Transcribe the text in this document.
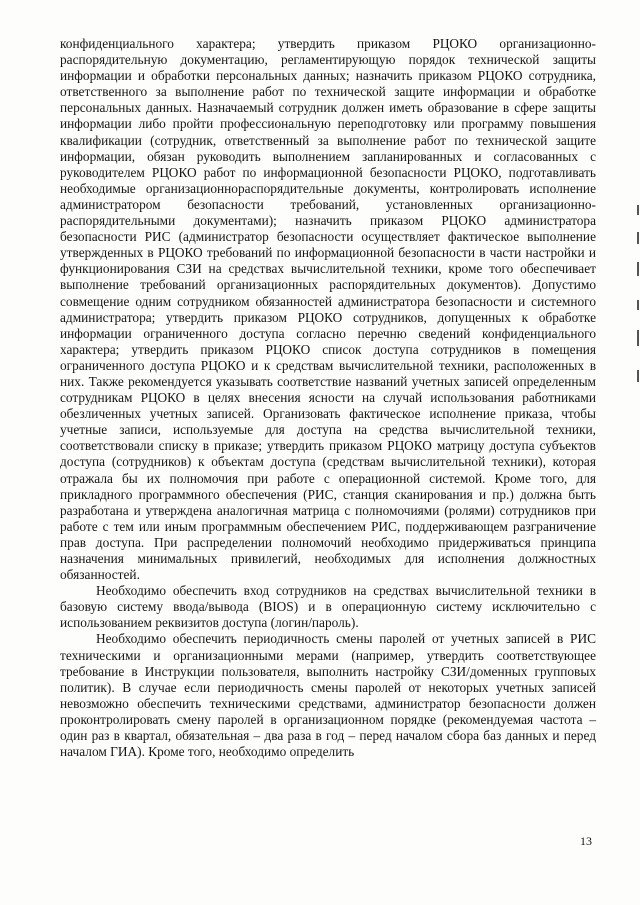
конфиденциального характера; утвердить приказом РЦОКО организационно-распорядительную документацию, регламентирующую порядок технической защиты информации и обработки персональных данных; назначить приказом РЦОКО сотрудника, ответственного за выполнение работ по технической защите информации и обработке персональных данных. Назначаемый сотрудник должен иметь образование в сфере защиты информации либо пройти профессиональную переподготовку или программу повышения квалификации (сотрудник, ответственный за выполнение работ по технической защите информации, обязан руководить выполнением запланированных и согласованных с руководителем РЦОКО работ по информационной безопасности РЦОКО, подготавливать необходимые организационнораспорядительные документы, контролировать исполнение администратором безопасности требований, установленных организационно-распорядительными документами); назначить приказом РЦОКО администратора безопасности РИС (администратор безопасности осуществляет фактическое выполнение утвержденных в РЦОКО требований по информационной безопасности в части настройки и функционирования СЗИ на средствах вычислительной техники, кроме того обеспечивает выполнение требований организационных распорядительных документов). Допустимо совмещение одним сотрудником обязанностей администратора безопасности и системного администратора; утвердить приказом РЦОКО сотрудников, допущенных к обработке информации ограниченного доступа согласно перечню сведений конфиденциального характера; утвердить приказом РЦОКО список доступа сотрудников в помещения ограниченного доступа РЦОКО и к средствам вычислительной техники, расположенных в них. Также рекомендуется указывать соответствие названий учетных записей определенным сотрудникам РЦОКО в целях внесения ясности на случай использования работниками обезличенных учетных записей. Организовать фактическое исполнение приказа, чтобы учетные записи, используемые для доступа на средства вычислительной техники, соответствовали списку в приказе; утвердить приказом РЦОКО матрицу доступа субъектов доступа (сотрудников) к объектам доступа (средствам вычислительной техники), которая отражала бы их полномочия при работе с операционной системой. Кроме того, для прикладного программного обеспечения (РИС, станция сканирования и пр.) должна быть разработана и утверждена аналогичная матрица с полномочиями (ролями) сотрудников при работе с тем или иным программным обеспечением РИС, поддерживающем разграничение прав доступа. При распределении полномочий необходимо придерживаться принципа назначения минимальных привилегий, необходимых для исполнения должностных обязанностей.

Необходимо обеспечить вход сотрудников на средствах вычислительной техники в базовую систему ввода/вывода (BIOS) и в операционную систему исключительно с использованием реквизитов доступа (логин/пароль).

Необходимо обеспечить периодичность смены паролей от учетных записей в РИС техническими и организационными мерами (например, утвердить соответствующее требование в Инструкции пользователя, выполнить настройку СЗИ/доменных групповых политик). В случае если периодичность смены паролей от некоторых учетных записей невозможно обеспечить техническими средствами, администратор безопасности должен проконтролировать смену паролей в организационном порядке (рекомендуемая частота – один раз в квартал, обязательная – два раза в год – перед началом сбора баз данных и перед началом ГИА). Кроме того, необходимо определить

13
